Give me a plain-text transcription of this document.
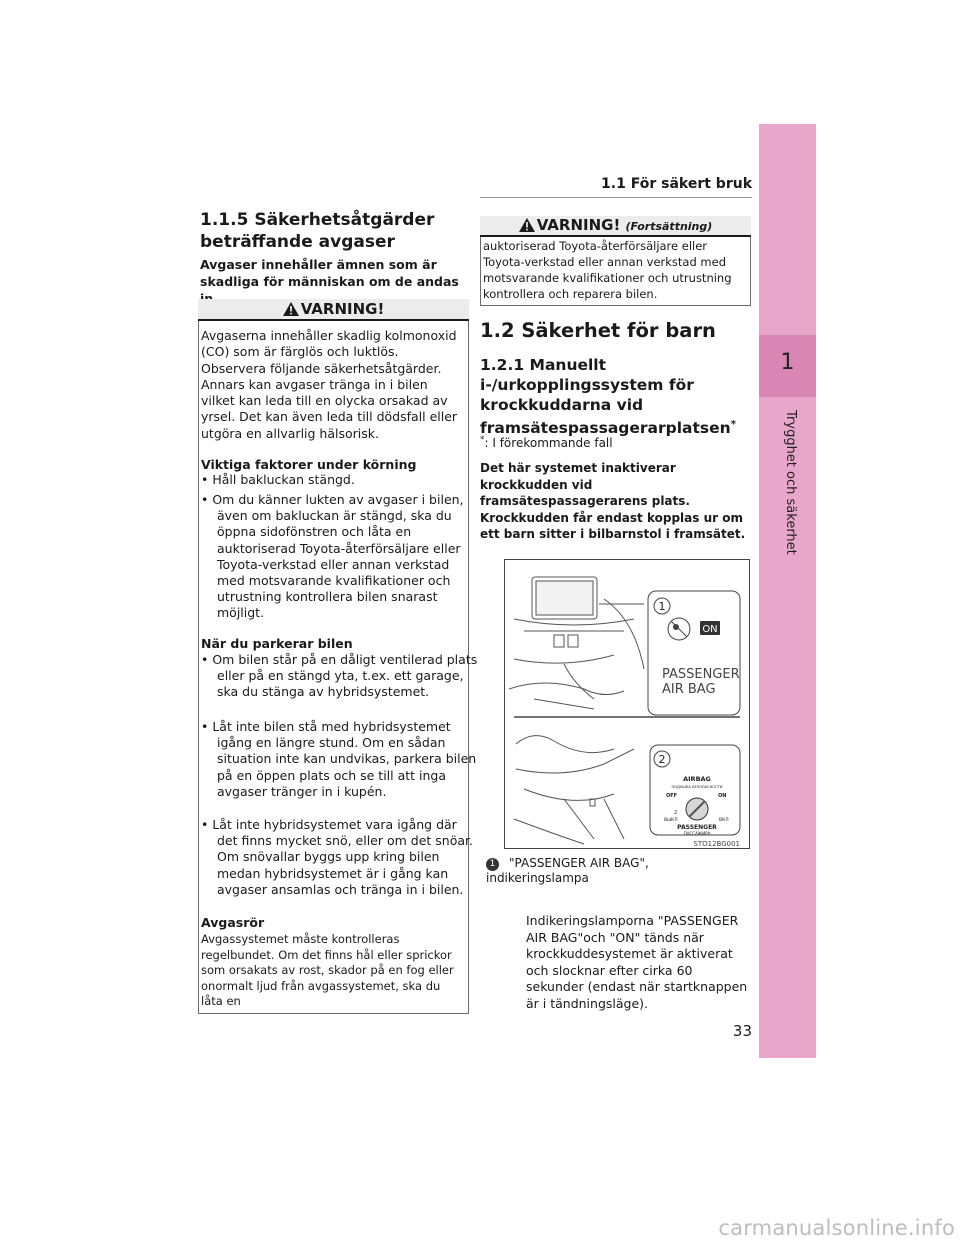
1
Trygghet och säkerhet
1.1 För säkert bruk
1.1.5 Säkerhetsåtgärder beträffande avgaser
Avgaser innehåller ämnen som är skadliga för människan om de andas
VARNING!
Avgaserna innehåller skadlig kolmonoxid (CO) som är färglös och luktlös. Observera följande säkerhetsåtgärder. Annars kan avgaser tränga in i bilen vilket kan leda till en olycka orsakad av yrsel. Det kan även leda till dödsfall eller utgöra en allvarlig hälsorisk.
Viktiga faktorer under körning
• Håll bakluckan stängd.
• Om du känner lukten av avgaser i bilen, även om bakluckan är stängd, ska du öppna sidofönstren och låta en auktoriserad Toyota-återförsäljare eller Toyota-verkstad eller annan verkstad med motsvarande kvalifikationer och utrustning kontrollera bilen snarast möjligt.
När du parkerar bilen
• Om bilen står på en dåligt ventilerad plats eller på en stängd yta, t.ex. ett garage, ska du stänga av hybridsystemet.
• Låt inte bilen stå med hybridsystemet igång en längre stund. Om en sådan situation inte kan undvikas, parkera bilen på en öppen plats och se till att inga avgaser tränger in i kupén.
• Låt inte hybridsystemet vara igång där det finns mycket snö, eller om det snöar. Om snövallar byggs upp kring bilen medan hybridsystemet är i gång kan avgaser ansamlas och tränga in i bilen.
Avgasrör
Avgassystemet måste kontrolleras regelbundet. Om det finns hål eller sprickor som orsakats av rost, skador på en fog eller onormalt ljud från avgassystemet, ska du låta en
VARNING! (Fortsättning)
auktoriserad Toyota-återförsäljare eller Toyota-verkstad eller annan verkstad med motsvarande kvalifikationer och utrustning kontrollera och reparera bilen.
1.2 Säkerhet för barn
1.2.1 Manuellt i-/urkopplingssystem för krockkuddarna vid framsätespassagerarplatsen*
*: I förekommande fall
Det här systemet inaktiverar krockkudden vid framsätespassagerarens plats. Krockkudden får endast kopplas ur om ett barn sitter i bilbarnstol i framsätet.
1
ON
PASSENGER
AIR BAG
2
AIRBAG
ПОДУШКА БЕЗОПАСНОСТИ
OFF	ON
2
ВЫКЛ	ВКЛ
PASSENGER
ПАССАЖИРА
STO12BG001
1 "PASSENGER AIR BAG", indikeringslampa
Indikeringslamporna "PASSENGER AIR BAG"och "ON" tänds när krockkuddesystemet är aktiverat och slocknar efter cirka 60 sekunder (endast när startknappen är i tändningsläge).
33
carmanualsonline.info
